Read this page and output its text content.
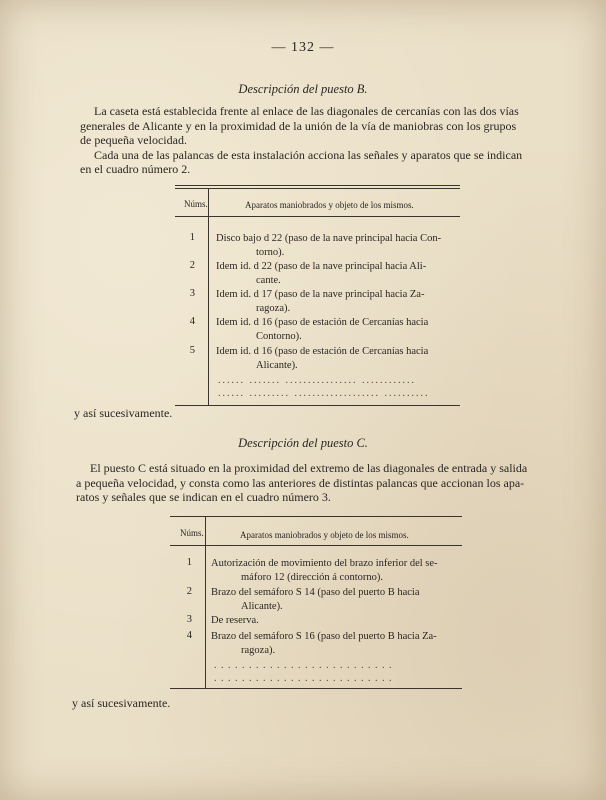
— 132 —
Descripción del puesto B.
La caseta está establecida frente al enlace de las diagonales de cercanías con las dos vías
generales de Alicante y en la proximidad de la unión de la vía de maniobras con los grupos
de pequeña velocidad.
Cada una de las palancas de esta instalación acciona las señales y aparatos que se indican
en el cuadro número 2.
Núms.	Aparatos maniobrados y objeto de los mismos.
1 Disco bajo d 22 (paso de la nave principal hacia Con-
torno).
2 Idem id. d 22 (paso de la nave principal hacia Ali-
cante.
3 Idem id. d 17 (paso de la nave principal hacia Za-
ragoza).
4 Idem id. d 16 (paso de estación de Cercanías hacia
Contorno).
5 Idem id. d 16 (paso de estación de Cercanías hacia
Alicante).
...... ....... ................ ............
...... ......... ................... ..........
y así sucesivamente.
Descripción del puesto C.
El puesto C está situado en la proximidad del extremo de las diagonales de entrada y salida
a pequeña velocidad, y consta como las anteriores de distintas palancas que accionan los apa-
ratos y señales que se indican en el cuadro número 3.
Núms.	Aparatos maniobrados y objeto de los mismos.
1 Autorización de movimiento del brazo inferior del se-
máforo 12 (dirección á contorno).
2 Brazo del semáforo S 14 (paso del puerto B hacia
Alicante).
3 De reserva.
4 Brazo del semáforo S 16 (paso del puerto B hacia Za-
ragoza).
. . . . . . . . . . . . . . . . . . . . . . . . . .
. . . . . . . . . . . . . . . . . . . . . . . . . .
y así sucesivamente.
